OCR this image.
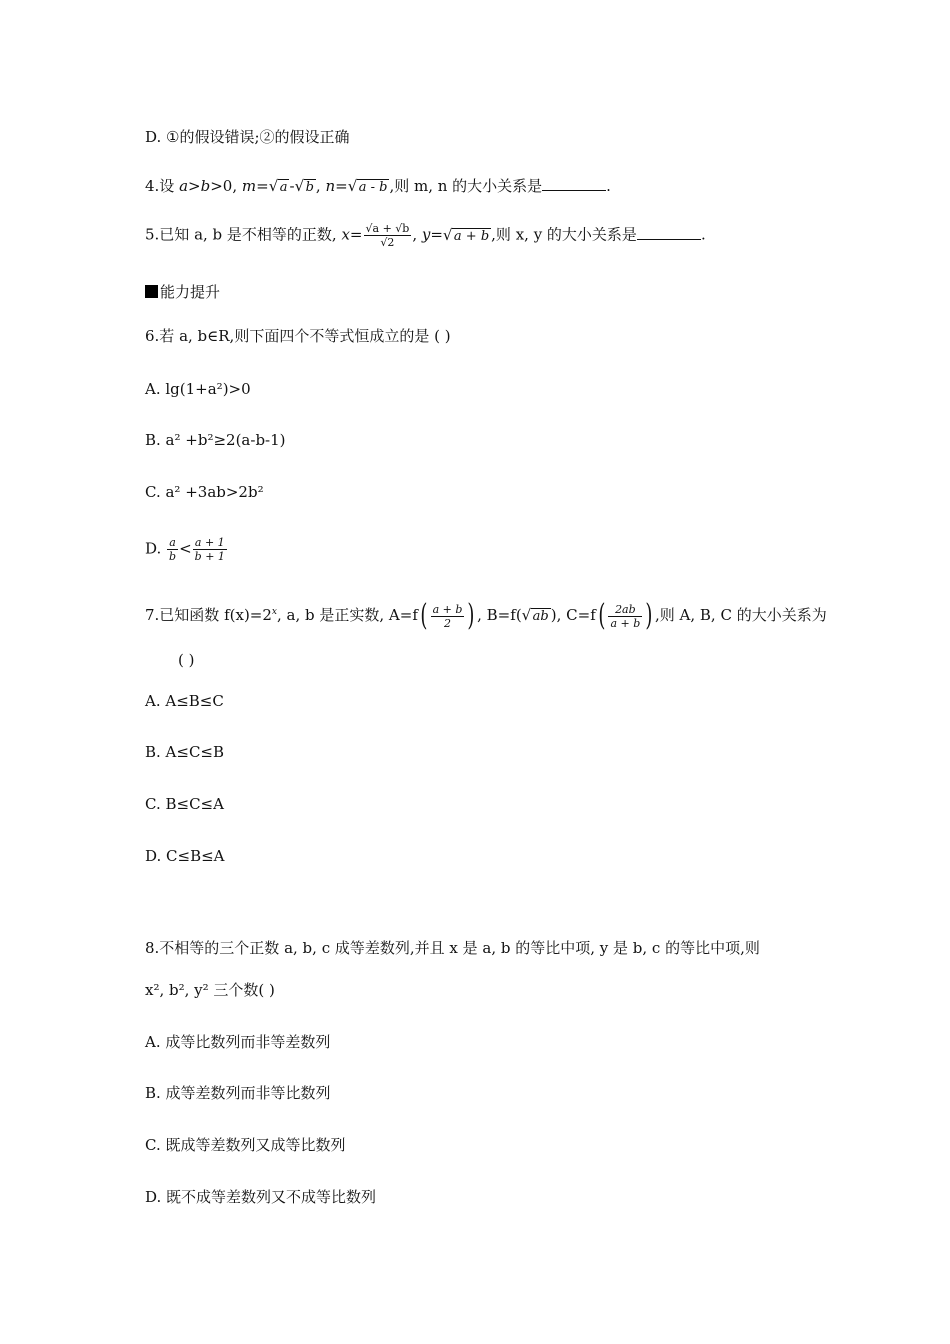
D. ①的假设错误;②的假设正确
4.设 a>b>0, m= √ a - √ b , n= √ a - b ,则 m, n 的大小关系是	.
5.已知 a, b 是不相等的正数, $x= \frac{√a + √b}{√2}$ , y= √ a + b ,则 x, y 的大小关系是	.
能力提升
6.若 a, b∈R,则下面四个不等式恒成立的是 ( )
A. lg(1+a²)>0
B. a² +b²≥2(a-b-1)
C. a² +3ab>2b²
D. $\frac{a}{b} < \frac{a + 1}{b + 1}$
7.已知函数 $f(x)=2^x$, a, b 是正实数, $A=f( \frac{a + b}{2}$ ) , B=f( √ ab ), $C=f( \frac{2ab}{a + b}$ ) ,则 A, B, C 的大小关系为
( )
A. A≤B≤C
B. A≤C≤B
C. B≤C≤A
D. C≤B≤A
8.不相等的三个正数 a, b, c 成等差数列,并且 x 是 a, b 的等比中项, y 是 b, c 的等比中项,则
x², b², y² 三个数( )
A. 成等比数列而非等差数列
B. 成等差数列而非等比数列
C. 既成等差数列又成等比数列
D. 既不成等差数列又不成等比数列
